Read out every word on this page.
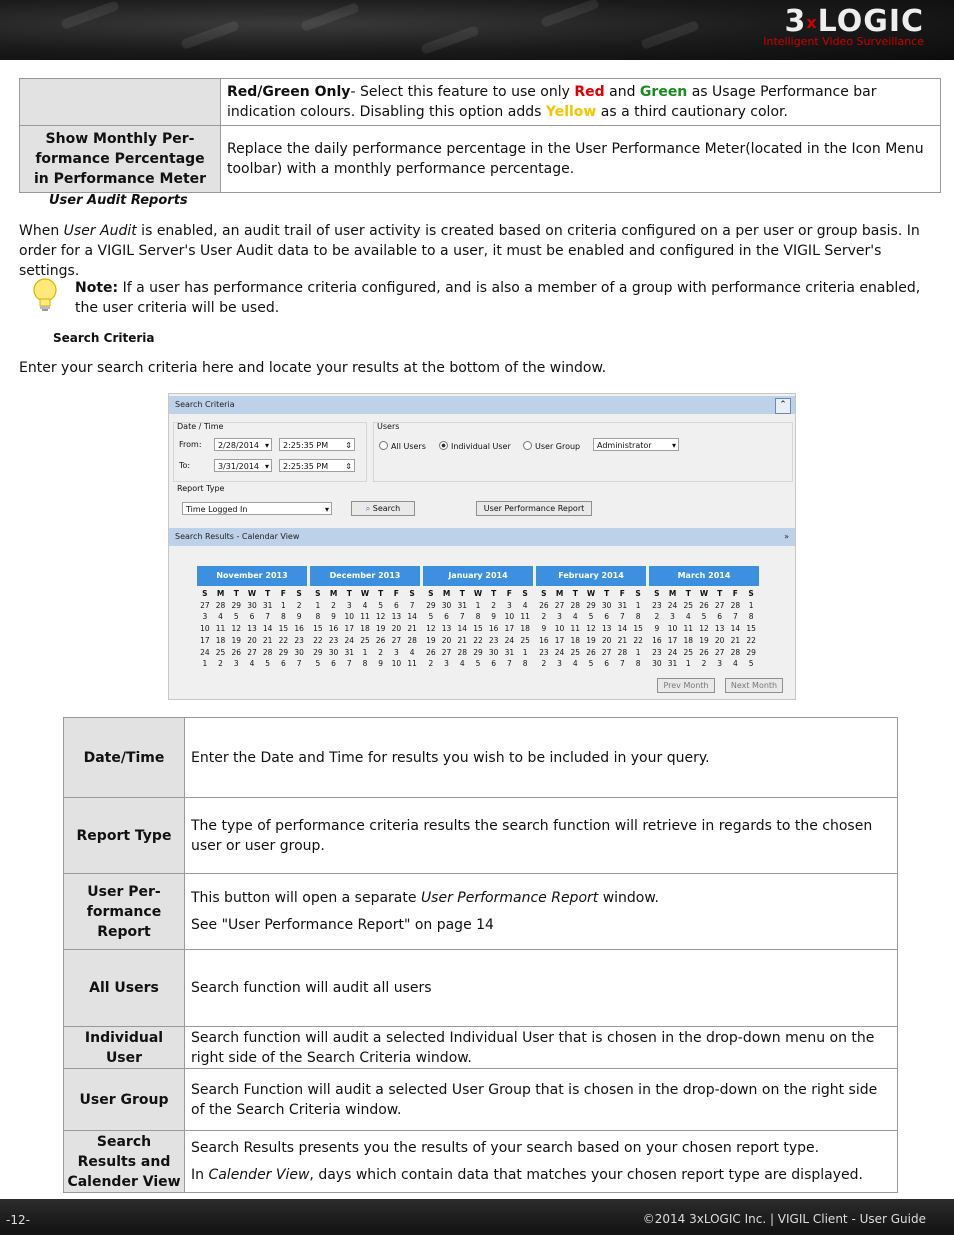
3xLOGIC
Intelligent Video Surveillance
	Red/Green Only- Select this feature to use only Red and Green as Usage Performance bar indication colours. Disabling this option adds Yellow as a third cautionary color.
Show Monthly Per-formance Percentage in Performance Meter	Replace the daily performance percentage in the User Performance Meter(located in the Icon Menu toolbar) with a monthly performance percentage.
User Audit Reports
When User Audit is enabled, an audit trail of user activity is created based on criteria configured on a per user or group basis. In order for a VIGIL Server's User Audit data to be available to a user, it must be enabled and configured in the VIGIL Server's settings.
Note: If a user has performance criteria configured, and is also a member of a group with performance criteria enabled, the user criteria will be used.
Search Criteria
Enter your search criteria here and locate your results at the bottom of the window.
Search Criteria	⌃
Date / Time
From:	2/28/2014 ▾	2:25:35 PM ⇕
To:	3/31/2014 ▾	2:25:35 PM ⇕
Users
All Users	Individual User	User Group	Administrator	▾
Report Type
Time Logged In	▾	⌕ Search	User Performance Report
Search Results - Calendar View	»
November 2013
S	M	T	W	T	F	S
27	28	29	30	31	1	2
3	4	5	6	7	8	9
10	11	12	13	14	15	16
17	18	19	20	21	22	23
24	25	26	27	28	29	30
1	2	3	4	5	6	7
December 2013
S	M	T	W	T	F	S
1	2	3	4	5	6	7
8	9	10	11	12	13	14
15	16	17	18	19	20	21
22	23	24	25	26	27	28
29	30	31	1	2	3	4
5	6	7	8	9	10	11
January 2014
S	M	T	W	T	F	S
29	30	31	1	2	3	4
5	6	7	8	9	10	11
12	13	14	15	16	17	18
19	20	21	22	23	24	25
26	27	28	29	30	31	1
2	3	4	5	6	7	8
February 2014
S	M	T	W	T	F	S
26	27	28	29	30	31	1
2	3	4	5	6	7	8
9	10	11	12	13	14	15
16	17	18	19	20	21	22
23	24	25	26	27	28	1
2	3	4	5	6	7	8
March 2014
S	M	T	W	T	F	S
23	24	25	26	27	28	1
2	3	4	5	6	7	8
9	10	11	12	13	14	15
16	17	18	19	20	21	22
23	24	25	26	27	28	29
30	31	1	2	3	4	5
Prev Month	Next Month
Date/Time	Enter the Date and Time for results you wish to be included in your query.
Report Type	The type of performance criteria results the search function will retrieve in regards to the chosen user or user group.
User Per-formance Report	This button will open a separate User Performance Report window.

See "User Performance Report" on page 14

All Users	Search function will audit all users
Individual User	Search function will audit a selected Individual User that is chosen in the drop-down menu on the right side of the Search Criteria window.
User Group	Search Function will audit a selected User Group that is chosen in the drop-down on the right side of the Search Criteria window.
Search Results and Calender View	Search Results presents you the results of your search based on your chosen report type.

In Calender View, days which contain data that matches your chosen report type are displayed.

-12-	©2014 3xLOGIC Inc. | VIGIL Client - User Guide
